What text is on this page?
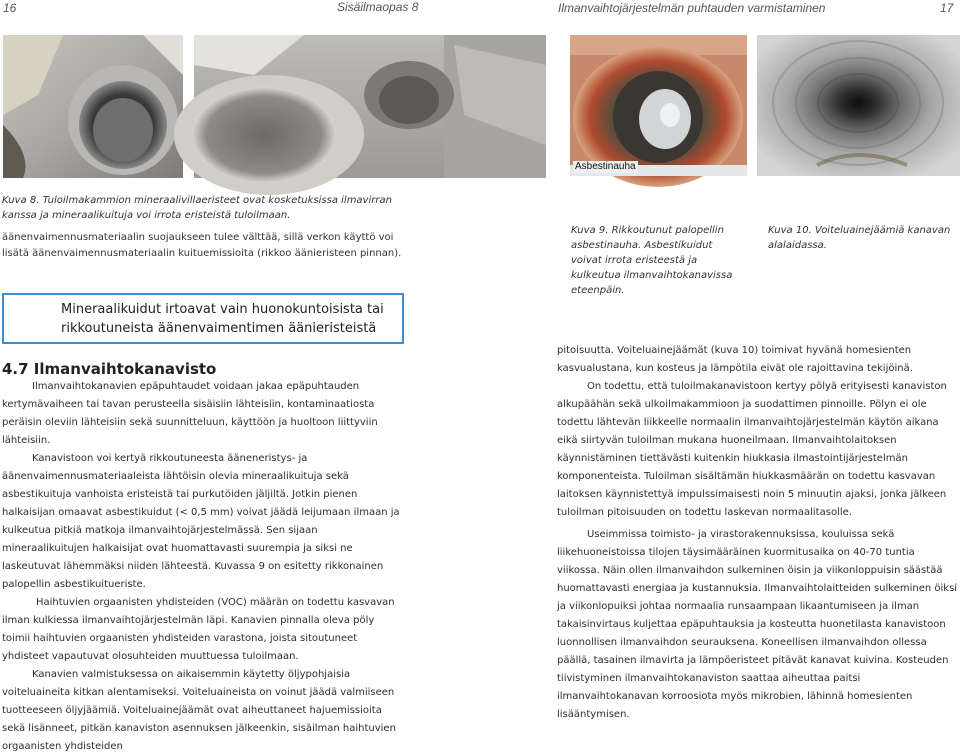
16	Sisäilmaopas 8	Ilmanvaihtojärjestelmän puhtauden varmistaminen	17
Asbestinauha
Kuva 8. Tuloilmakammion mineraalivillaeristeet ovat kosketuksissa ilmavirran kanssa ja mineraalikuituja voi irrota eristeistä tuloilmaan.
Kuva 9. Rikkoutunut palopellin asbestinauha. Asbestikuidut voivat irrota eristeestä ja kulkeutua ilmanvaihtokanavissa eteenpäin.
Kuva 10. Voiteluainejäämiä kanavan alalaidassa.
äänenvaimennusmateriaalin suojaukseen tulee välttää, sillä verkon käyttö voi lisätä äänenvaimennusmateriaalin kuituemissioita (rikkoo äänieristeen pinnan).
Mineraalikuidut irtoavat vain huonokuntoisista tai rikkoutuneista äänenvaimentimen äänieristeistä
4.7 Ilmanvaihtokanavisto

Ilmanvaihtokanavien epäpuhtaudet voidaan jakaa epäpuhtauden kertymävaiheen tai tavan perusteella sisäisiin lähteisiin, kontaminaatiosta peräisin oleviin lähteisiin sekä suunnitteluun, käyttöön ja huoltoon liittyviin lähteisiin.

Kanavistoon voi kertyä rikkoutuneesta ääneneristys- ja äänenvaimennusmateriaaleista lähtöisin olevia mineraalikuituja sekä asbestikuituja vanhoista eristeistä tai purkutöiden jäljiltä. Jotkin pienen halkaisijan omaavat asbestikuidut (< 0,5 mm) voivat jäädä leijumaan ilmaan ja kulkeutua pitkiä matkoja ilmanvaihtojärjestelmässä. Sen sijaan mineraalikuitujen halkaisijat ovat huomattavasti suurempia ja siksi ne laskeutuvat lähemmäksi niiden lähteestä. Kuvassa 9 on esitetty rikkonainen palopellin asbestikuitueriste.

Haihtuvien orgaanisten yhdisteiden (VOC) määrän on todettu kasvavan ilman kulkiessa ilmanvaihtojärjestelmän läpi. Kanavien pinnalla oleva pöly toimii haihtuvien orgaanisten yhdisteiden varastona, joista sitoutuneet yhdisteet vapautuvat olosuhteiden muuttuessa tuloilmaan.

Kanavien valmistuksessa on aikaisemmin käytetty öljypohjaisia voiteluaineita kitkan alentamiseksi. Voiteluaineista on voinut jäädä valmiiseen tuotteeseen öljyjäämiä. Voiteluainejäämät ovat aiheuttaneet hajuemissioita sekä lisänneet, pitkän kanaviston asennuksen jälkeenkin, sisäilman haihtuvien orgaanisten yhdisteiden

pitoisuutta. Voiteluainejäämät (kuva 10) toimivat hyvänä homesienten kasvualustana, kun kosteus ja lämpötila eivät ole rajoittavina tekijöinä.

On todettu, että tuloilmakanavistoon kertyy pölyä erityisesti kanaviston alkupäähän sekä ulkoilmakammioon ja suodattimen pinnoille. Pölyn ei ole todettu lähtevän liikkeelle normaalin ilmanvaihtojärjestelmän käytön aikana eikä siirtyvän tuloilman mukana huoneilmaan. Ilmanvaihtolaitoksen käynnistäminen tiettävästi kuitenkin hiukkasia ilmastointijärjestelmän komponenteista. Tuloilman sisältämän hiukkasmäärän on todettu kasvavan laitoksen käynnistettyä impulssimaisesti noin 5 minuutin ajaksi, jonka jälkeen tuloilman pitoisuuden on todettu laskevan normaalitasolle.

Useimmissa toimisto- ja virastorakennuksissa, kouluissa sekä liikehuoneistoissa tilojen täysimääräinen kuormitusaika on 40-70 tuntia viikossa. Näin ollen ilmanvaihdon sulkeminen öisin ja viikonloppuisin säästää huomattavasti energiaa ja kustannuksia. Ilmanvaihtolaitteiden sulkeminen öiksi ja viikonlopuiksi johtaa normaalia runsaampaan likaantumiseen ja ilman takaisinvirtaus kuljettaa epäpuhtauksia ja kosteutta huonetilasta kanavistoon luonnollisen ilmanvaihdon seurauksena. Koneellisen ilmanvaihdon ollessa päällä, tasainen ilmavirta ja lämpöeristeet pitävät kanavat kuivina. Kosteuden tiivistyminen ilmanvaihtokanaviston saattaa aiheuttaa paitsi ilmanvaihtokanavan korroosiota myös mikrobien, lähinnä homesienten lisääntymisen.
